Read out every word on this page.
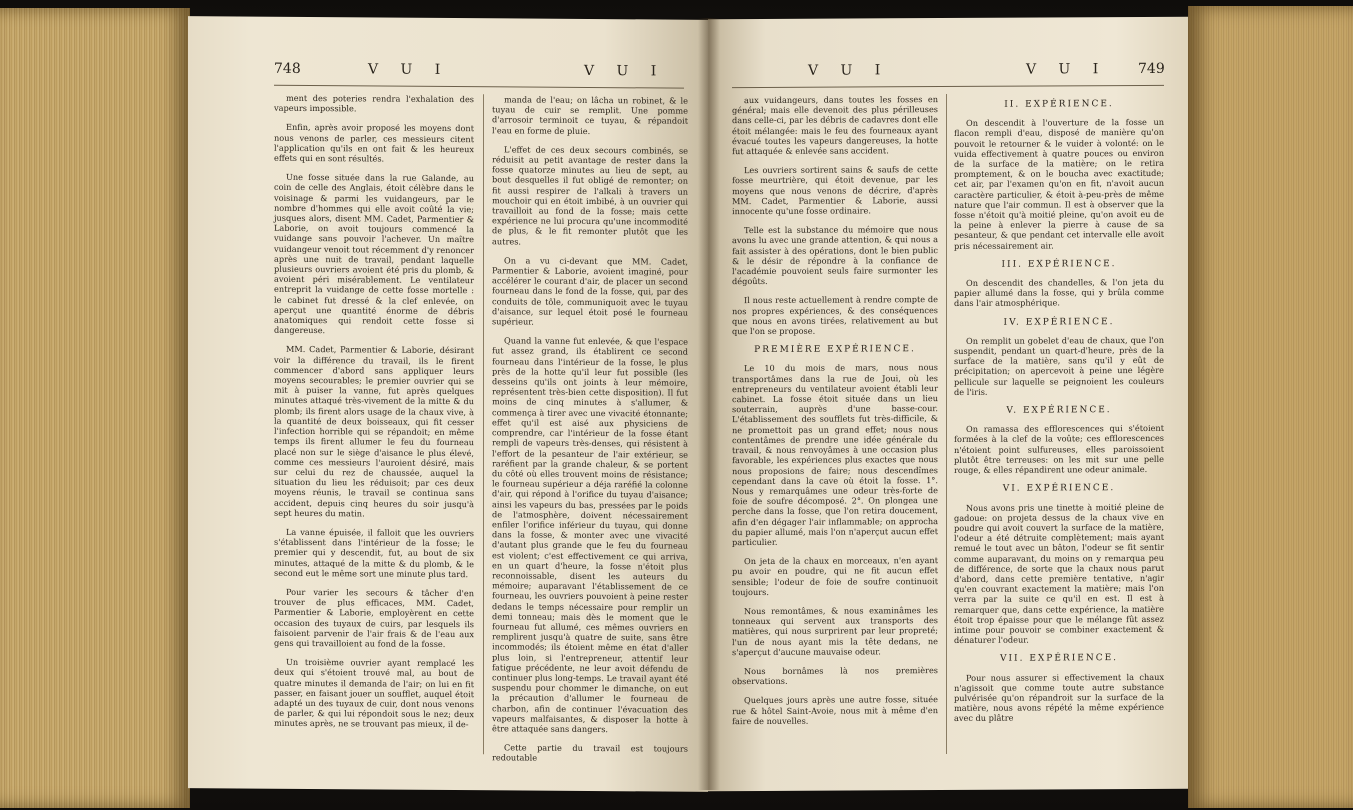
748	V U I	V U I

ment des poteries rendra l'exhalation des vapeurs impossible.

Enfin, après avoir proposé les moyens dont nous venons de parler, ces messieurs citent l'application qu'ils en ont fait & les heureux effets qui en sont résultés.

Une fosse située dans la rue Galande, au coin de celle des Anglais, étoit célèbre dans le voisinage & parmi les vuidangeurs, par le nombre d'hommes qui elle avoit coûté la vie; jusques alors, disent MM. Cadet, Parmentier & Laborie, on avoit toujours commencé la vuidange sans pouvoir l'achever. Un maître vuidangeur venoit tout récemment d'y renoncer après une nuit de travail, pendant laquelle plusieurs ouvriers avoient été pris du plomb, & avoient péri misérablement. Le ventilateur entreprit la vuidange de cette fosse mortelle : le cabinet fut dressé & la clef enlevée, on aperçut une quantité énorme de débris anatomiques qui rendoit cette fosse si dangereuse.

MM. Cadet, Parmentier & Laborie, désirant voir la différence du travail, ils le firent commencer d'abord sans appliquer leurs moyens secourables; le premier ouvrier qui se mit à puiser la vanne, fut après quelques minutes attaqué très-vivement de la mitte & du plomb; ils firent alors usage de la chaux vive, à la quantité de deux boisseaux, qui fit cesser l'infection horrible qui se répandoit; en même temps ils firent allumer le feu du fourneau placé non sur le siège d'aisance le plus élevé, comme ces messieurs l'auroient désiré, mais sur celui du rez de chaussée, auquel la situation du lieu les réduisoit; par ces deux moyens réunis, le travail se continua sans accident, depuis cinq heures du soir jusqu'à sept heures du matin.

La vanne épuisée, il falloit que les ouvriers s'établissent dans l'intérieur de la fosse; le premier qui y descendit, fut, au bout de six minutes, attaqué de la mitte & du plomb, & le second eut le même sort une minute plus tard.

Pour varier les secours & tâcher d'en trouver de plus efficaces, MM. Cadet, Parmentier & Laborie, employèrent en cette occasion des tuyaux de cuirs, par lesquels ils faisoient parvenir de l'air frais & de l'eau aux gens qui travailloient au fond de la fosse.

Un troisième ouvrier ayant remplacé les deux qui s'étoient trouvé mal, au bout de quatre minutes il demanda de l'air; on lui en fit passer, en faisant jouer un soufflet, auquel étoit adapté un des tuyaux de cuir, dont nous venons de parler, & qui lui répondoit sous le nez; deux minutes après, ne se trouvant pas mieux, il de-

manda de l'eau; on lâcha un robinet, & le tuyau de cuir se remplit. Une pomme d'arrosoir terminoit ce tuyau, & répandoit l'eau en forme de pluie.

L'effet de ces deux secours combinés, se réduisit au petit avantage de rester dans la fosse quatorze minutes au lieu de sept, au bout desquelles il fut obligé de remonter; on fit aussi respirer de l'alkali à travers un mouchoir qui en étoit imbibé, à un ouvrier qui travailloit au fond de la fosse; mais cette expérience ne lui procura qu'une incommodité de plus, & le fit remonter plutôt que les autres.

On a vu ci-devant que MM. Cadet, Parmentier & Laborie, avoient imaginé, pour accélérer le courant d'air, de placer un second fourneau dans le fond de la fosse, qui, par des conduits de tôle, communiquoit avec le tuyau d'aisance, sur lequel étoit posé le fourneau supérieur.

Quand la vanne fut enlevée, & que l'espace fut assez grand, ils établirent ce second fourneau dans l'intérieur de la fosse, le plus près de la hotte qu'il leur fut possible (les desseins qu'ils ont joints à leur mémoire, représentent très-bien cette disposition). Il fut moins de cinq minutes à s'allumer, & commença à tirer avec une vivacité étonnante; effet qu'il est aisé aux physiciens de comprendre, car l'intérieur de la fosse étant rempli de vapeurs très-denses, qui résistent à l'effort de la pesanteur de l'air extérieur, se raréfient par la grande chaleur, & se portent du côté où elles trouvent moins de résistance; le fourneau supérieur a déja raréfié la colonne d'air, qui répond à l'orifice du tuyau d'aisance; ainsi les vapeurs du bas, pressées par le poids de l'atmosphère, doivent nécessairement enfiler l'orifice inférieur du tuyau, qui donne dans la fosse, & monter avec une vivacité d'autant plus grande que le feu du fourneau est violent; c'est effectivement ce qui arriva, en un quart d'heure, la fosse n'étoit plus reconnoissable, disent les auteurs du mémoire; auparavant l'établissement de ce fourneau, les ouvriers pouvoient à peine rester dedans le temps nécessaire pour remplir un demi tonneau; mais dès le moment que le fourneau fut allumé, ces mêmes ouvriers en remplirent jusqu'à quatre de suite, sans être incommodés; ils étoient même en état d'aller plus loin, si l'entrepreneur, attentif leur fatigue précédente, ne leur avoit défendu de continuer plus long-temps. Le travail ayant été suspendu pour chommer le dimanche, on eut la précaution d'allumer le fourneau de charbon, afin de continuer l'évacuation des vapeurs malfaisantes, & disposer la hotte à être attaquée sans dangers.

Cette partie du travail est toujours redoutable

V U I	V U I 749

aux vuidangeurs, dans toutes les fosses en général; mais elle devenoit des plus périlleuses dans celle-ci, par les débris de cadavres dont elle étoit mélangée: mais le feu des fourneaux ayant évacué toutes les vapeurs dangereuses, la hotte fut attaquée & enlevée sans accident.

Les ouvriers sortirent sains & saufs de cette fosse meurtrière, qui étoit devenue, par les moyens que nous venons de décrire, d'après MM. Cadet, Parmentier & Laborie, aussi innocente qu'une fosse ordinaire.

Telle est la substance du mémoire que nous avons lu avec une grande attention, & qui nous a fait assister à des opérations, dont le bien public & le désir de répondre à la confiance de l'académie pouvoient seuls faire surmonter les dégoûts.

Il nous reste actuellement à rendre compte de nos propres expériences, & des conséquences que nous en avons tirées, relativement au but que l'on se propose.

PREMIÈRE EXPÉRIENCE.

Le 10 du mois de mars, nous nous transportâmes dans la rue de Joui, où les entrepreneurs du ventilateur avoient établi leur cabinet. La fosse étoit située dans un lieu souterrain, auprès d'une basse-cour. L'établissement des soufflets fut très-difficile, & ne promettoit pas un grand effet; nous nous contentâmes de prendre une idée générale du travail, & nous renvoyâmes à une occasion plus favorable, les expériences plus exactes que nous nous proposions de faire; nous descendîmes cependant dans la cave où étoit la fosse. 1°. Nous y remarquâmes une odeur très-forte de foie de soufre décomposé. 2°. On plongea une perche dans la fosse, que l'on retira doucement, afin d'en dégager l'air inflammable; on approcha du papier allumé, mais l'on n'aperçut aucun effet particulier.

On jeta de la chaux en morceaux, n'en ayant pu avoir en poudre, qui ne fit aucun effet sensible; l'odeur de foie de soufre continuoit toujours.

Nous remontâmes, & nous examinâmes les tonneaux qui servent aux transports des matières, qui nous surprirent par leur propreté; l'un de nous ayant mis la tête dedans, ne s'aperçut d'aucune mauvaise odeur.

Nous bornâmes là nos premières observations.

Quelques jours après une autre fosse, située rue & hôtel Saint-Avoie, nous mit à même d'en faire de nouvelles.

II. EXPÉRIENCE.

On descendit à l'ouverture de la fosse un flacon rempli d'eau, disposé de manière qu'on pouvoit le retourner & le vuider à volonté: on le vuida effectivement à quatre pouces ou environ de la surface de la matière; on le retira promptement, & on le boucha avec exactitude; cet air, par l'examen qu'on en fit, n'avoit aucun caractère particulier, & étoit à-peu-près de même nature que l'air commun. Il est à observer que la fosse n'étoit qu'à moitié pleine, qu'on avoit eu de la peine à enlever la pierre à cause de sa pesanteur, & que pendant cet intervalle elle avoit pris nécessairement air.

III. EXPÉRIENCE.

On descendit des chandelles, & l'on jeta du papier allumé dans la fosse, qui y brûla comme dans l'air atmosphérique.

IV. EXPÉRIENCE.

On remplit un gobelet d'eau de chaux, que l'on suspendit, pendant un quart-d'heure, près de la surface de la matière, sans qu'il y eût de précipitation; on apercevoit à peine une légère pellicule sur laquelle se peignoient les couleurs de l'iris.

V. EXPÉRIENCE.

On ramassa des efflorescences qui s'étoient formées à la clef de la voûte; ces efflorescences n'étoient point sulfureuses, elles paroissoient plutôt être terreuses: on les mit sur une pelle rouge, & elles répandirent une odeur animale.

VI. EXPÉRIENCE.

Nous avons pris une tinette à moitié pleine de gadoue: on projeta dessus de la chaux vive en poudre qui avoit couvert la surface de la matière, l'odeur a été détruite complètement; mais ayant remué le tout avec un bâton, l'odeur se fit sentir comme auparavant, du moins on y remarqua peu de différence, de sorte que la chaux nous parut d'abord, dans cette première tentative, n'agir qu'en couvrant exactement la matière; mais l'on verra par la suite ce qu'il en est. Il est à remarquer que, dans cette expérience, la matière étoit trop épaisse pour que le mélange fût assez intime pour pouvoir se combiner exactement & dénaturer l'odeur.

VII. EXPÉRIENCE.

Pour nous assurer si effectivement la chaux n'agissoit que comme toute autre substance pulvérisée qu'on répandroit sur la surface de la matière, nous avons répété la même expérience avec du plâtre
